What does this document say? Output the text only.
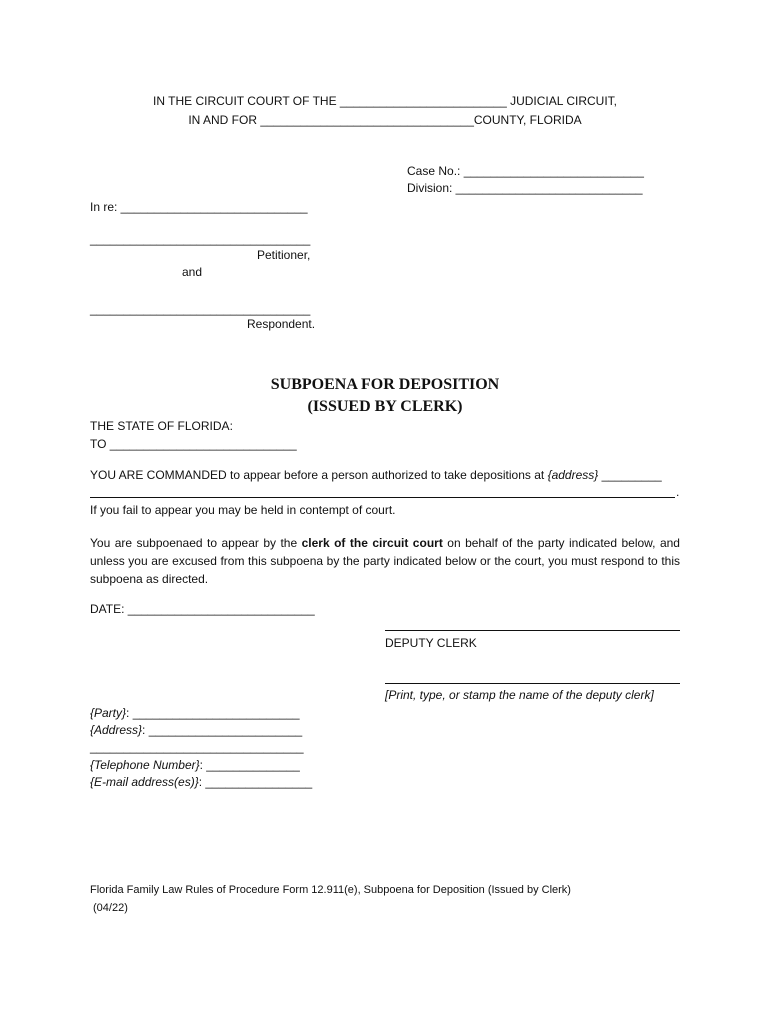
IN THE CIRCUIT COURT OF THE _________________________ JUDICIAL CIRCUIT,
IN AND FOR ________________________________COUNTY, FLORIDA
Case No.: ___________________________
Division: ____________________________
In re: ____________________________
_________________________________
Petitioner,
and
_________________________________
Respondent.
SUBPOENA FOR DEPOSITION
(ISSUED BY CLERK)
THE STATE OF FLORIDA:
TO ____________________________
YOU ARE COMMANDED to appear before a person authorized to take depositions at {address} _________
.
If you fail to appear you may be held in contempt of court.
You are subpoenaed to appear by the clerk of the circuit court on behalf of the party indicated below, and unless you are excused from this subpoena by the party indicated below or the court, you must respond to this subpoena as directed.
DATE: ____________________________
DEPUTY CLERK
[Print, type, or stamp the name of the deputy clerk]
{Party}: _________________________
{Address}: _______________________
________________________________
{Telephone Number}: ______________
{E-mail address(es)}: ________________
Florida Family Law Rules of Procedure Form 12.911(e), Subpoena for Deposition (Issued by Clerk)
(04/22)
